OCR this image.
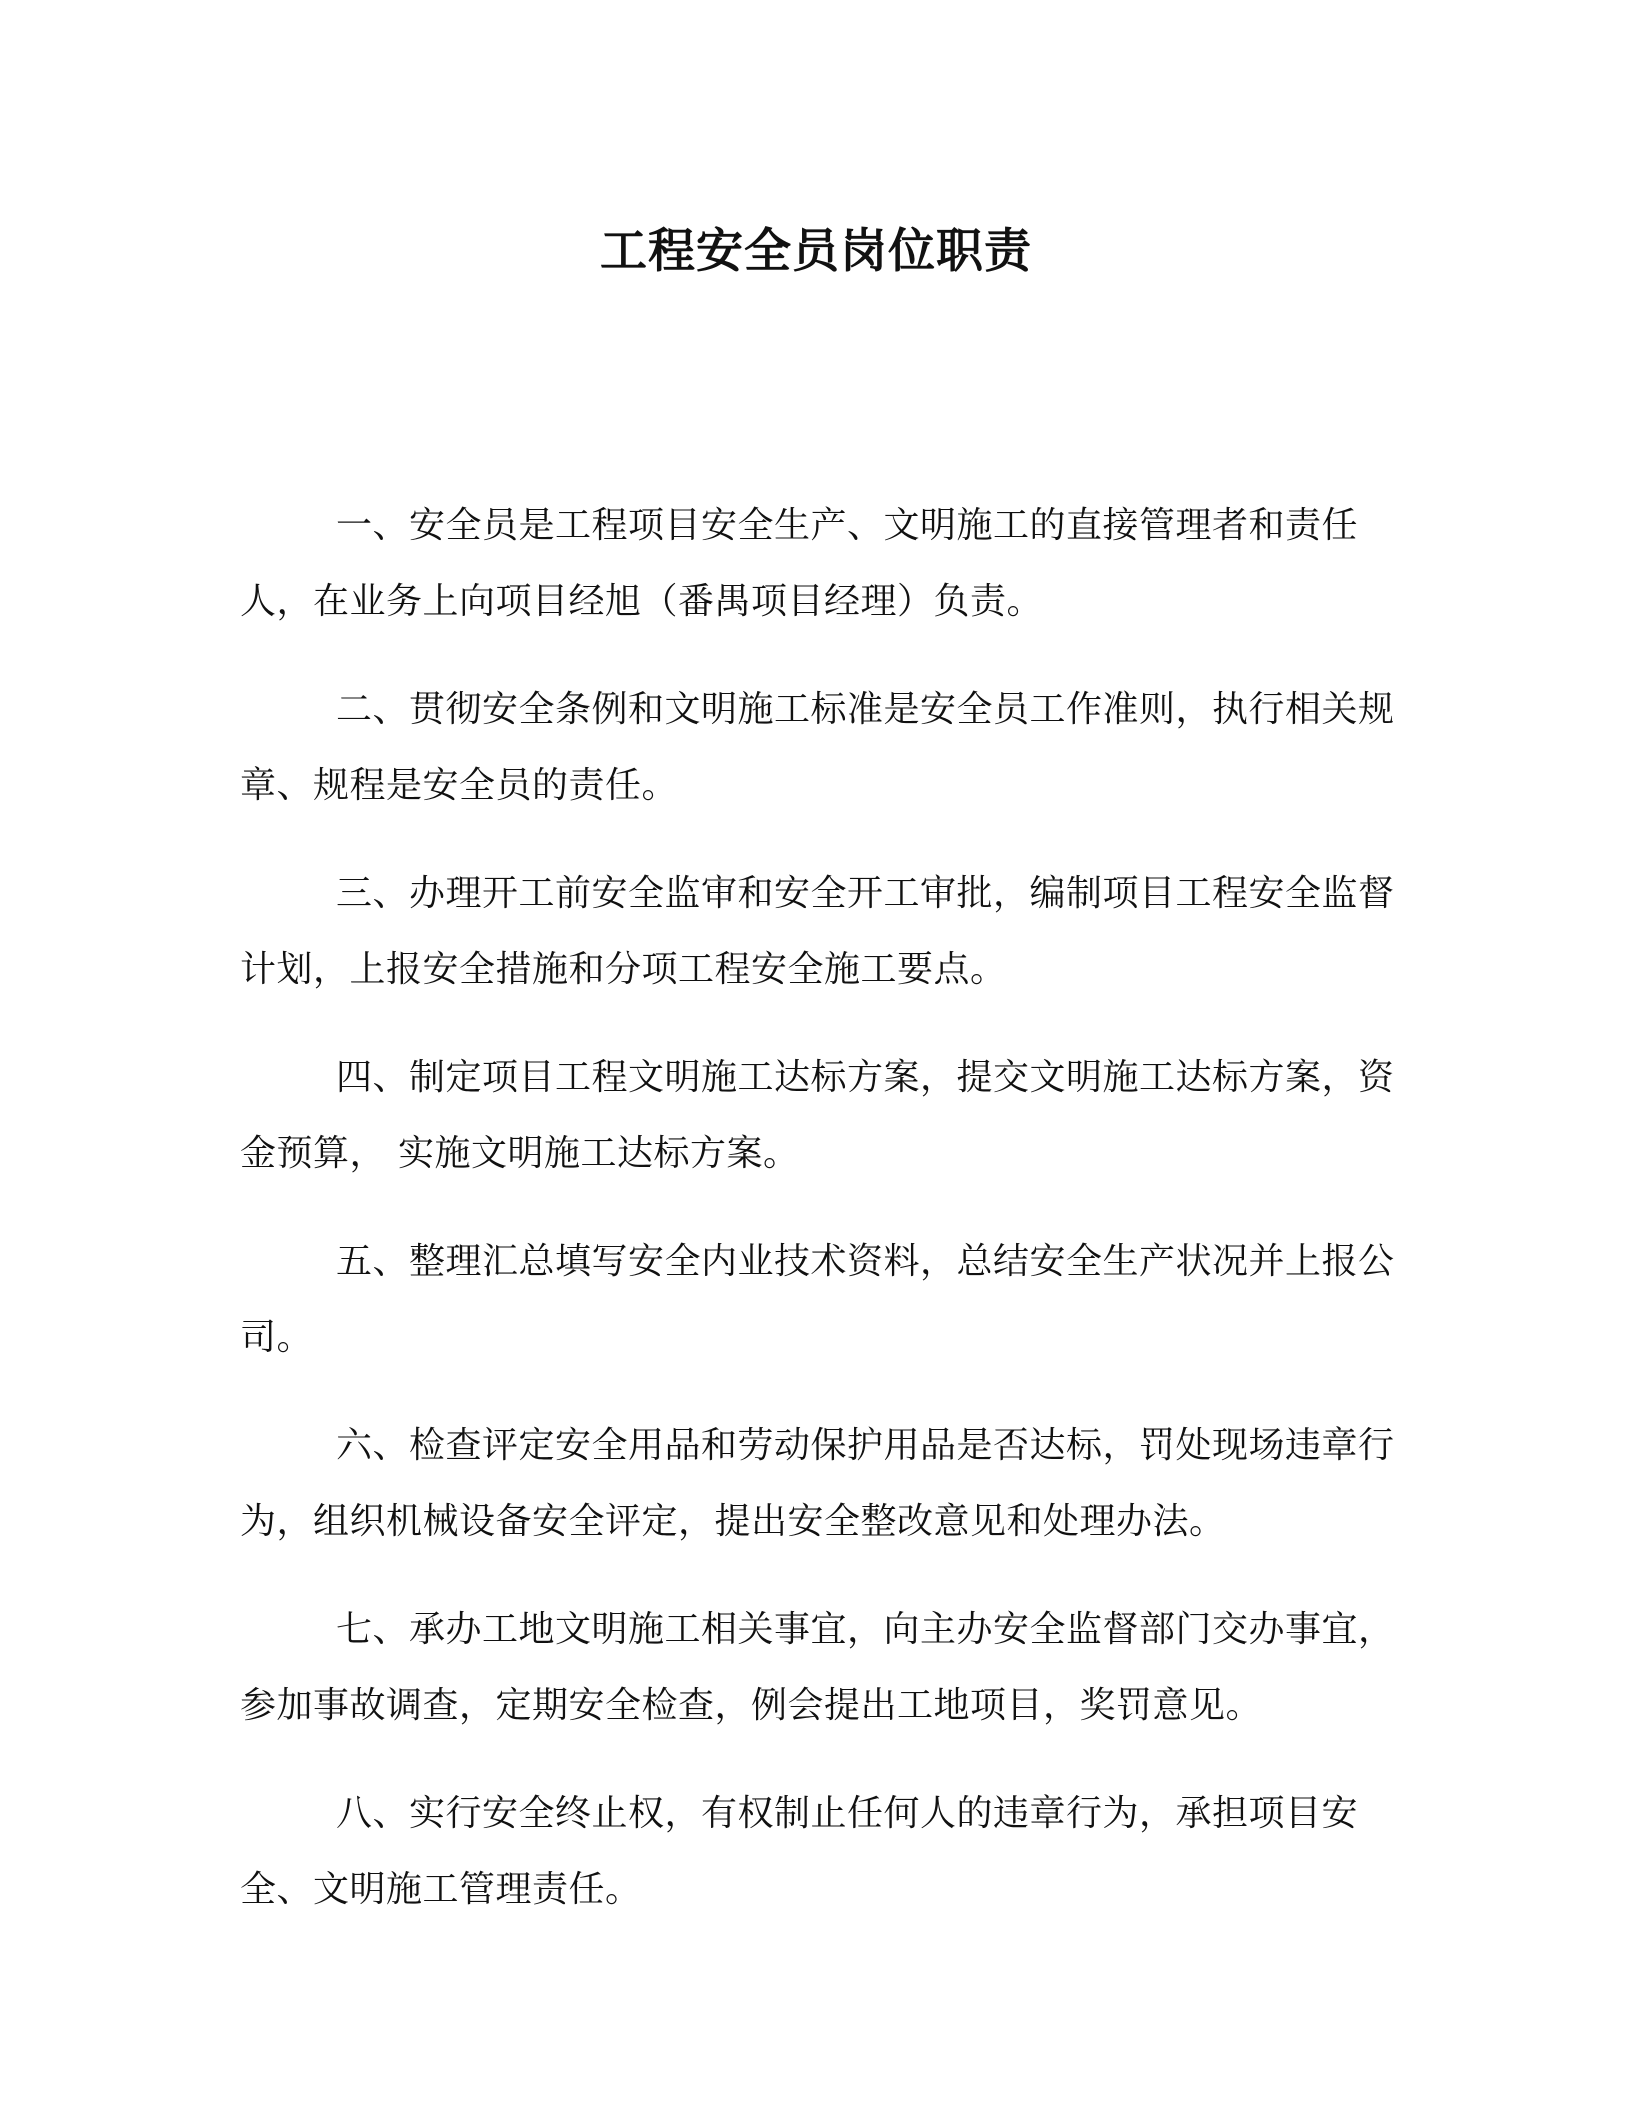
工程安全员岗位职责

一、安全员是工程项目安全生产、文明施工的直接管理者和责任人，在业务上向项目经旭（番禺项目经理）负责。

二、贯彻安全条例和文明施工标准是安全员工作准则，执行相关规章、规程是安全员的责任。

三、办理开工前安全监审和安全开工审批，编制项目工程安全监督计划，上报安全措施和分项工程安全施工要点。

四、制定项目工程文明施工达标方案，提交文明施工达标方案，资金预算， 实施文明施工达标方案。

五、整理汇总填写安全内业技术资料，总结安全生产状况并上报公司。

六、检查评定安全用品和劳动保护用品是否达标，罚处现场违章行为，组织机械设备安全评定，提出安全整改意见和处理办法。

七、承办工地文明施工相关事宜，向主办安全监督部门交办事宜，参加事故调查，定期安全检查，例会提出工地项目，奖罚意见。

八、实行安全终止权，有权制止任何人的违章行为，承担项目安全、文明施工管理责任。
